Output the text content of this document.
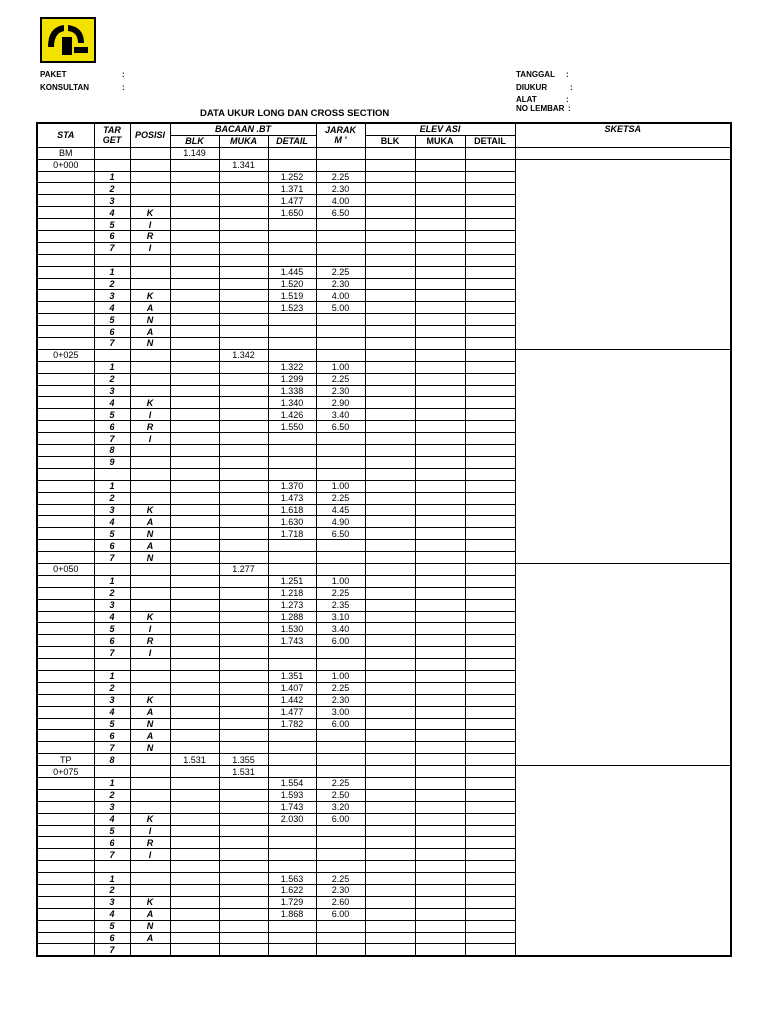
PAKET	:
KONSULTAN	:
TANGGAL :
DIUKUR	:
ALAT	:
NO LEMBAR :
DATA UKUR LONG DAN CROSS SECTION
STA	TAR
GET	POSISI	BACAAN .BT			JARAK
M '	ELEV ASI			SKETSA
			BLK	MUKA	DETAIL		BLK	MUKA	DETAIL	
BM			1.149							
0+000				1.341						
	1				1.252	2.25				
	2				1.371	2.30				
	3				1.477	4.00				
	4	K			1.650	6.50				
	5	I								
	6	R								
	7	I								

	1				1.445	2.25				
	2				1.520	2.30				
	3	K			1.519	4.00				
	4	A			1.523	5.00				
	5	N								
	6	A								
	7	N								
0+025				1.342						
	1				1.322	1.00				
	2				1.299	2.25				
	3				1.338	2.30				
	4	K			1.340	2.90				
	5	I			1.426	3.40				
	6	R			1.550	6.50				
	7	I								
	8									
	9									

	1				1.370	1.00				
	2				1.473	2.25				
	3	K			1.618	4.45				
	4	A			1.630	4.90				
	5	N			1.718	6.50				
	6	A								
	7	N								
0+050				1.277						
	1				1.251	1.00				
	2				1.218	2.25				
	3				1.273	2.35				
	4	K			1.288	3.10				
	5	I			1.530	3.40				
	6	R			1.743	6.00				
	7	I								

	1				1.351	1.00				
	2				1.407	2.25				
	3	K			1.442	2.30				
	4	A			1.477	3.00				
	5	N			1.782	6.00				
	6	A								
	7	N								
TP	8		1.531	1.355						
0+075				1.531						
	1				1.554	2.25				
	2				1.593	2.50				
	3				1.743	3.20				
	4	K			2.030	6.00				
	5	I								
	6	R								
	7	I								

	1				1.563	2.25				
	2				1.622	2.30				
	3	K			1.729	2.60				
	4	A			1.868	6.00				
	5	N								
	6	A								
	7									
